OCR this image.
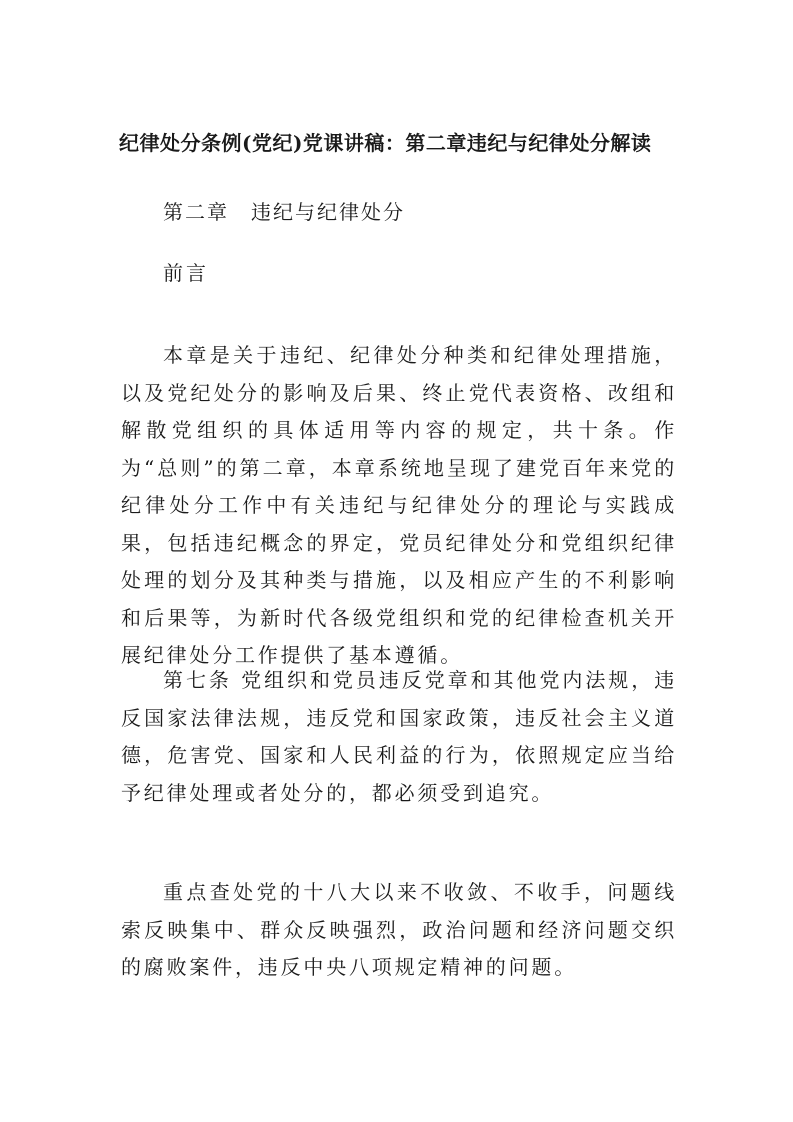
纪律处分条例(党纪)党课讲稿：第二章违纪与纪律处分解读
第二章 违纪与纪律处分
前言

本章是关于违纪、纪律处分种类和纪律处理措施，以及党纪处分的影响及后果、终止党代表资格、改组和解散党组织的具体适用等内容的规定，共十条。作为“总则”的第二章，本章系统地呈现了建党百年来党的纪律处分工作中有关违纪与纪律处分的理论与实践成果，包括违纪概念的界定，党员纪律处分和党组织纪律处理的划分及其种类与措施，以及相应产生的不利影响和后果等，为新时代各级党组织和党的纪律检查机关开展纪律处分工作提供了基本遵循。

第七条 党组织和党员违反党章和其他党内法规，违反国家法律法规，违反党和国家政策，违反社会主义道德，危害党、国家和人民利益的行为，依照规定应当给予纪律处理或者处分的，都必须受到追究。

重点查处党的十八大以来不收敛、不收手，问题线索反映集中、群众反映强烈，政治问题和经济问题交织的腐败案件，违反中央八项规定精神的问题。
